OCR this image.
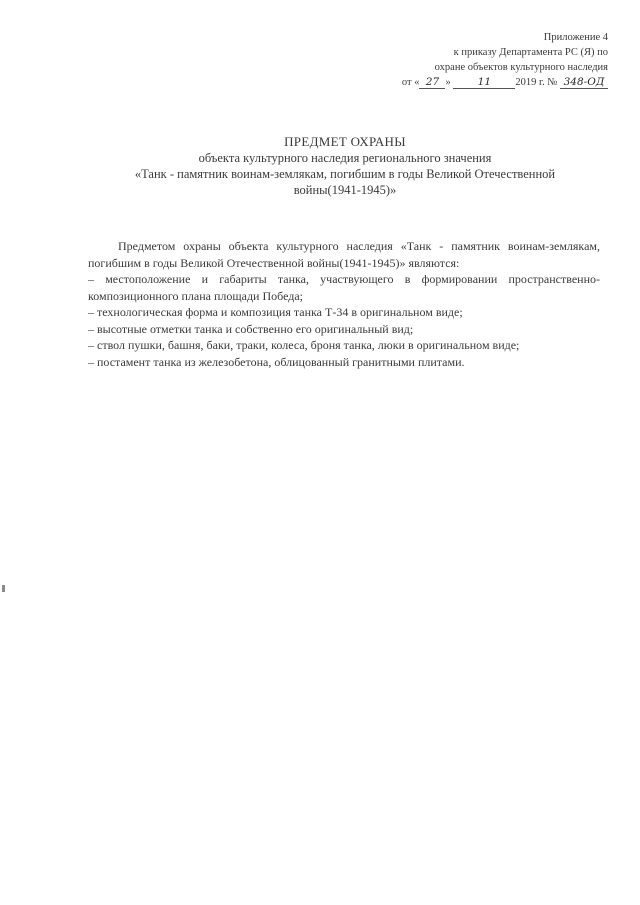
Приложение 4
к приказу Департамента РС (Я) по
охране объектов культурного наследия
от « 27 »	11 2019 г. № 348-ОД
ПРЕДМЕТ ОХРАНЫ
объекта культурного наследия регионального значения
«Танк - памятник воинам-землякам, погибшим в годы Великой Отечественной
войны(1941-1945)»

Предметом охраны объекта культурного наследия «Танк - памятник воинам-землякам, погибшим в годы Великой Отечественной войны(1941-1945)» являются:

– местоположение и габариты танка, участвующего в формировании пространственно-композиционного плана площади Победа;

– технологическая форма и композиция танка Т-34 в оригинальном виде;

– высотные отметки танка и собственно его оригинальный вид;

– ствол пушки, башня, баки, траки, колеса, броня танка, люки в оригинальном виде;

– постамент танка из железобетона, облицованный гранитными плитами.
